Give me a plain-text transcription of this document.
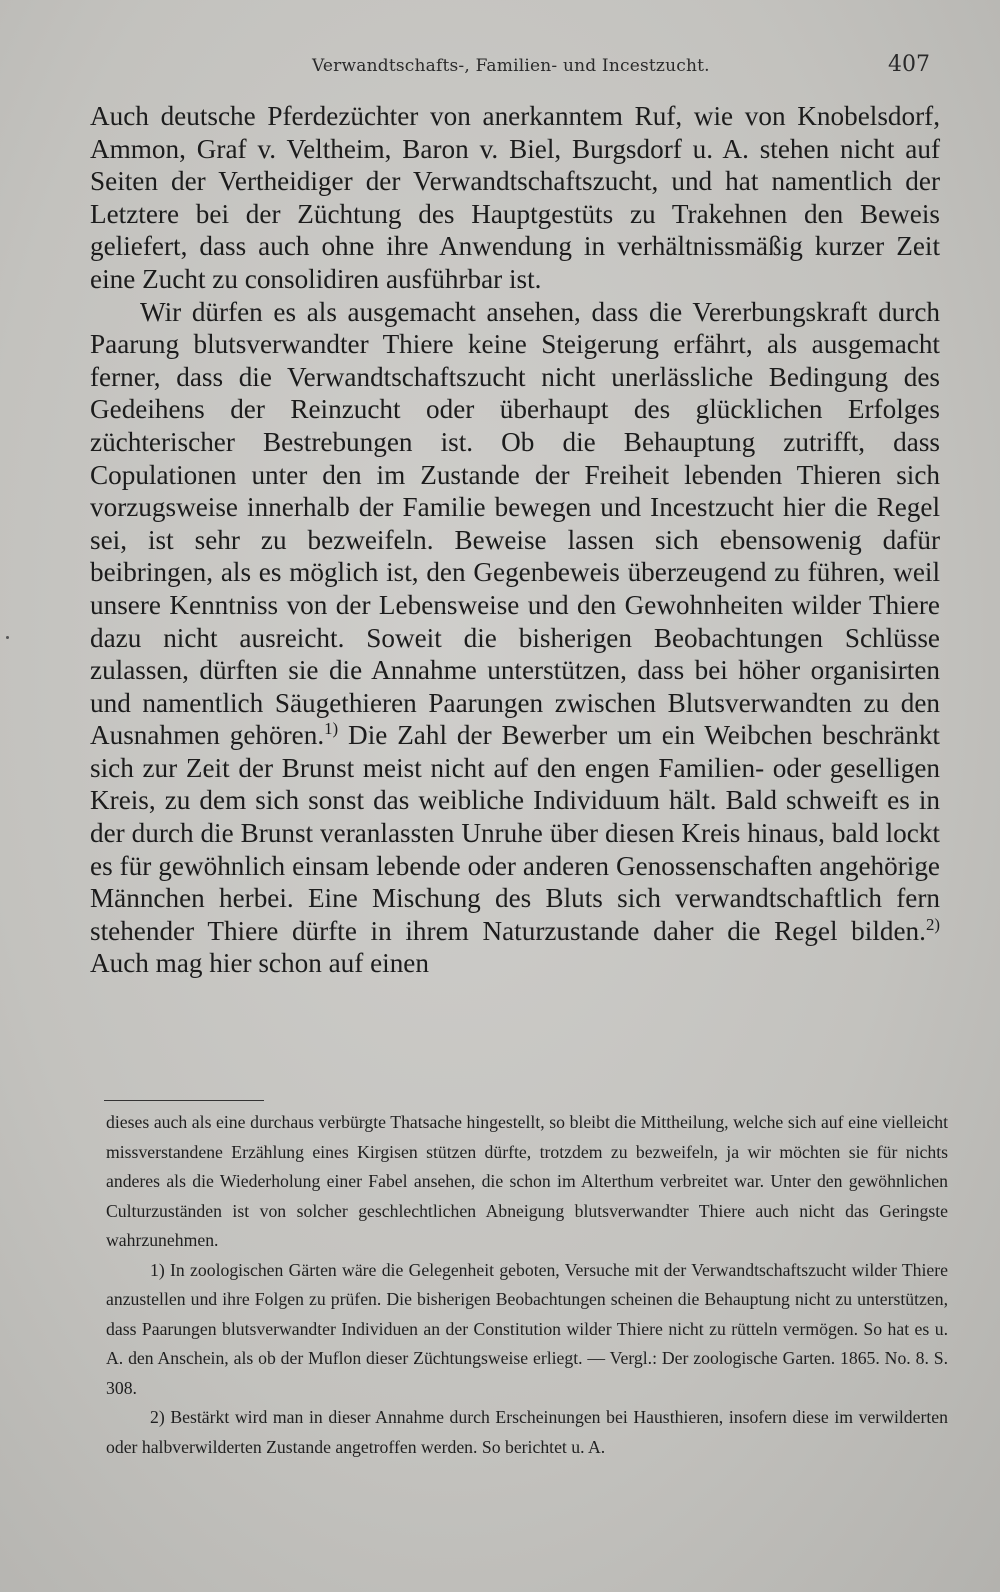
Verwandtschafts-, Familien- und Incestzucht.	407

Auch deutsche Pferdezüchter von anerkanntem Ruf, wie von Knobelsdorf, Ammon, Graf v. Veltheim, Baron v. Biel, Burgsdorf u. A. stehen nicht auf Seiten der Vertheidiger der Verwandtschaftszucht, und hat namentlich der Letztere bei der Züchtung des Hauptgestüts zu Trakehnen den Beweis geliefert, dass auch ohne ihre Anwendung in verhältnissmäßig kurzer Zeit eine Zucht zu consolidiren ausführbar ist.

Wir dürfen es als ausgemacht ansehen, dass die Vererbungskraft durch Paarung blutsverwandter Thiere keine Steigerung erfährt, als ausgemacht ferner, dass die Verwandtschaftszucht nicht unerlässliche Bedingung des Gedeihens der Reinzucht oder überhaupt des glücklichen Erfolges züchterischer Bestrebungen ist. Ob die Behauptung zutrifft, dass Copulationen unter den im Zustande der Freiheit lebenden Thieren sich vorzugsweise innerhalb der Familie bewegen und Incestzucht hier die Regel sei, ist sehr zu bezweifeln. Beweise lassen sich ebensowenig dafür beibringen, als es möglich ist, den Gegenbeweis überzeugend zu führen, weil unsere Kenntniss von der Lebensweise und den Gewohnheiten wilder Thiere dazu nicht ausreicht. Soweit die bisherigen Beobachtungen Schlüsse zulassen, dürften sie die Annahme unterstützen, dass bei höher organisirten und namentlich Säugethieren Paarungen zwischen Blutsverwandten zu den Ausnahmen gehören.$^{1)}$ Die Zahl der Bewerber um ein Weibchen beschränkt sich zur Zeit der Brunst meist nicht auf den engen Familien- oder geselligen Kreis, zu dem sich sonst das weibliche Individuum hält. Bald schweift es in der durch die Brunst veranlassten Unruhe über diesen Kreis hinaus, bald lockt es für gewöhnlich einsam lebende oder anderen Genossenschaften angehörige Männchen herbei. Eine Mischung des Bluts sich verwandtschaftlich fern stehender Thiere dürfte in ihrem Naturzustande daher die Regel bilden.$^{2)}$ Auch mag hier schon auf einen

dieses auch als eine durchaus verbürgte Thatsache hingestellt, so bleibt die Mittheilung, welche sich auf eine vielleicht missverstandene Erzählung eines Kirgisen stützen dürfte, trotzdem zu bezweifeln, ja wir möchten sie für nichts anderes als die Wiederholung einer Fabel ansehen, die schon im Alterthum verbreitet war. Unter den gewöhnlichen Culturzuständen ist von solcher geschlechtlichen Abneigung blutsverwandter Thiere auch nicht das Geringste wahrzunehmen.

1) In zoologischen Gärten wäre die Gelegenheit geboten, Versuche mit der Verwandtschaftszucht wilder Thiere anzustellen und ihre Folgen zu prüfen. Die bisherigen Beobachtungen scheinen die Behauptung nicht zu unterstützen, dass Paarungen blutsverwandter Individuen an der Constitution wilder Thiere nicht zu rütteln vermögen. So hat es u. A. den Anschein, als ob der Muflon dieser Züchtungsweise erliegt. — Vergl.: Der zoologische Garten. 1865. No. 8. S. 308.

2) Bestärkt wird man in dieser Annahme durch Erscheinungen bei Hausthieren, insofern diese im verwilderten oder halbverwilderten Zustande angetroffen werden. So berichtet u. A.
